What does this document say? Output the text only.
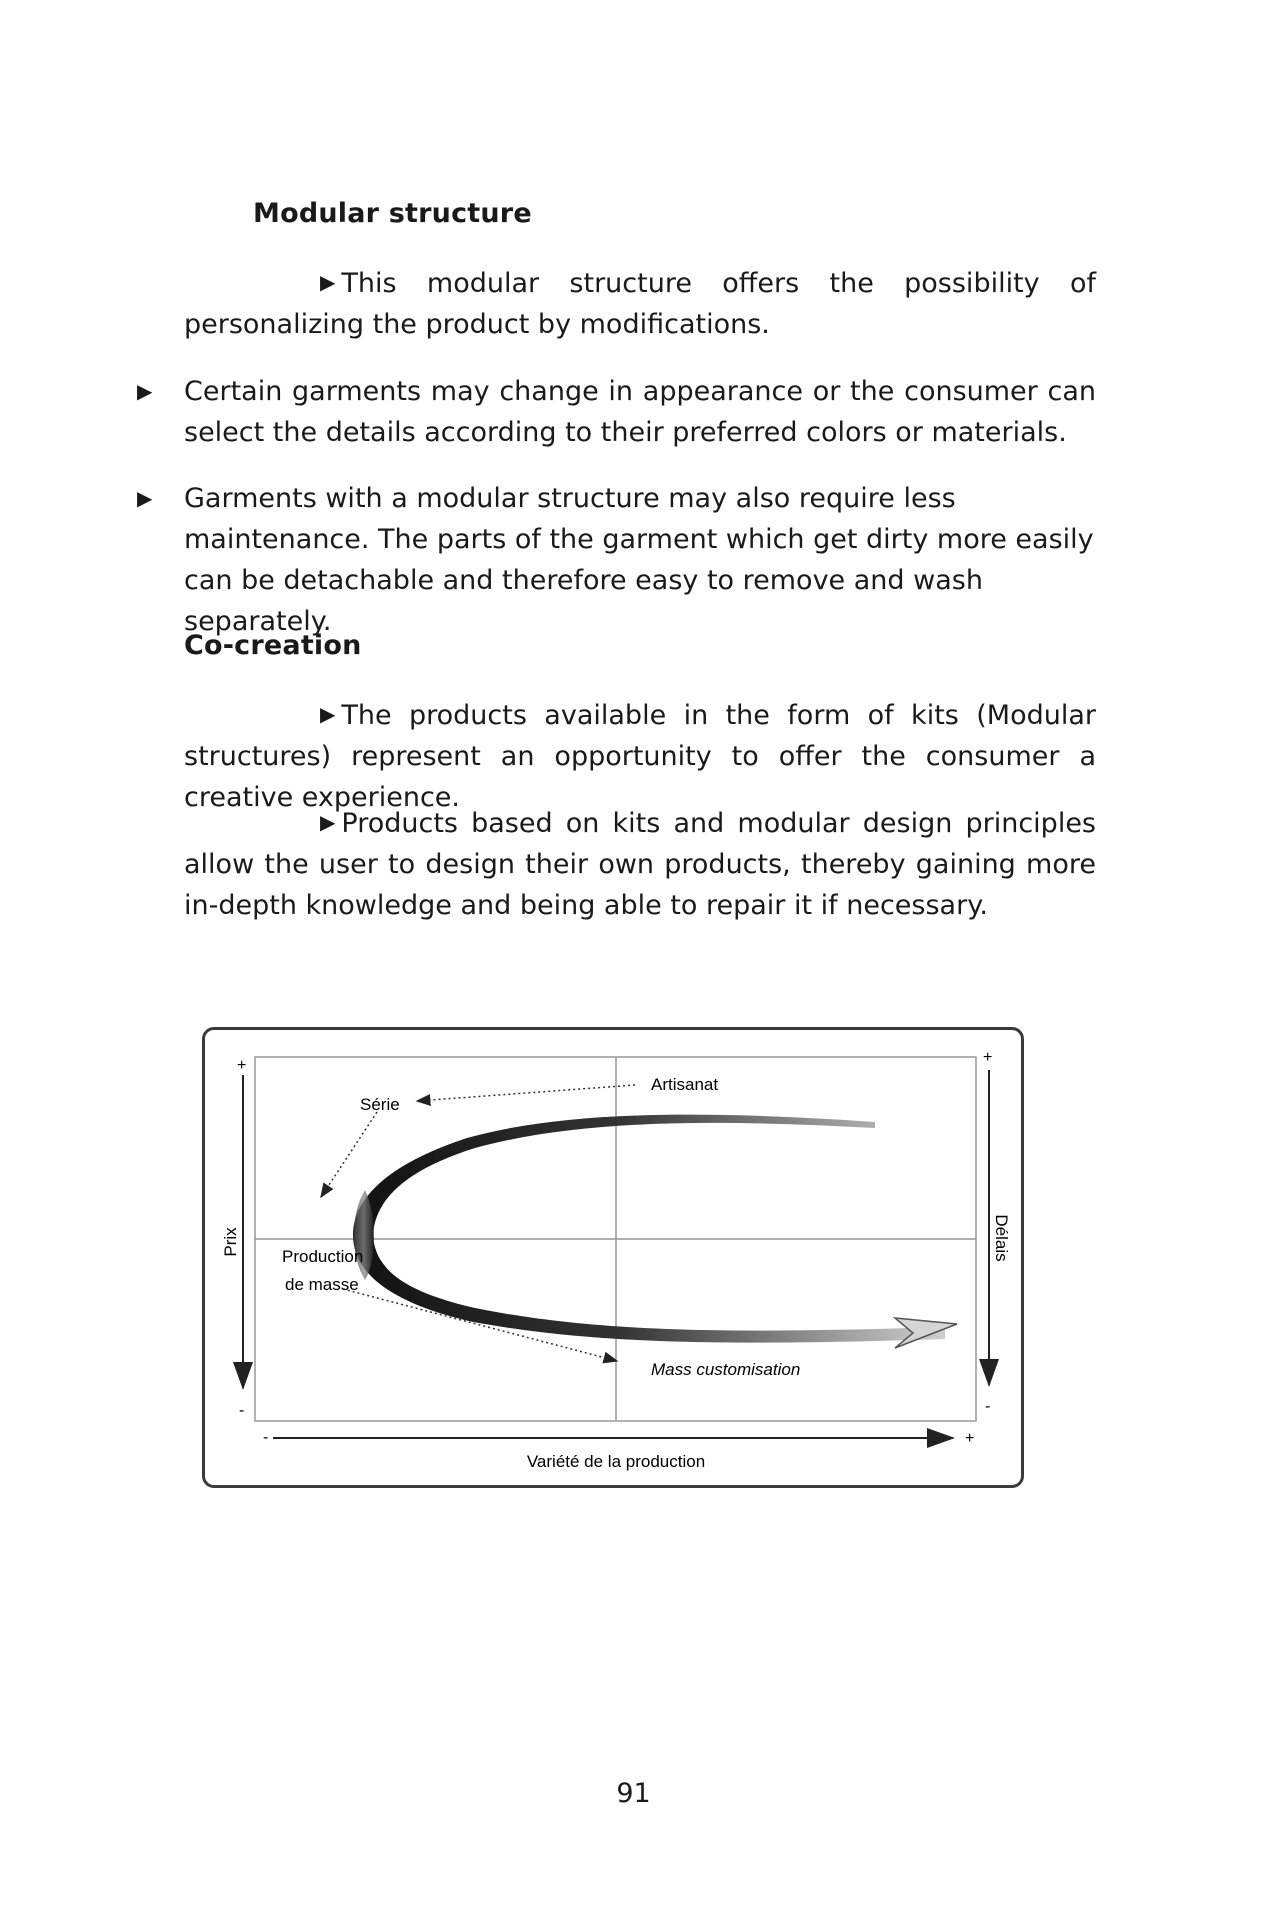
Modular structure
▶ This modular structure offers the possibility of personalizing the product by modifications.
▶ Certain garments may change in appearance or the consumer can select the details according to their preferred colors or materials.
▶ Garments with a modular structure may also require less maintenance. The parts of the garment which get dirty more easily can be detachable and therefore easy to remove and wash separately.
Co-creation
▶ The products available in the form of kits (Modular structures) represent an opportunity to offer the consumer a creative experience.
▶ Products based on kits and modular design principles allow the user to design their own products, thereby gaining more in-depth knowledge and being able to repair it if necessary.
+
-
Prix
+
-
Délais
-	+
Variété de la production
Série
Artisanat
Production
de masse
Mass customisation
91
